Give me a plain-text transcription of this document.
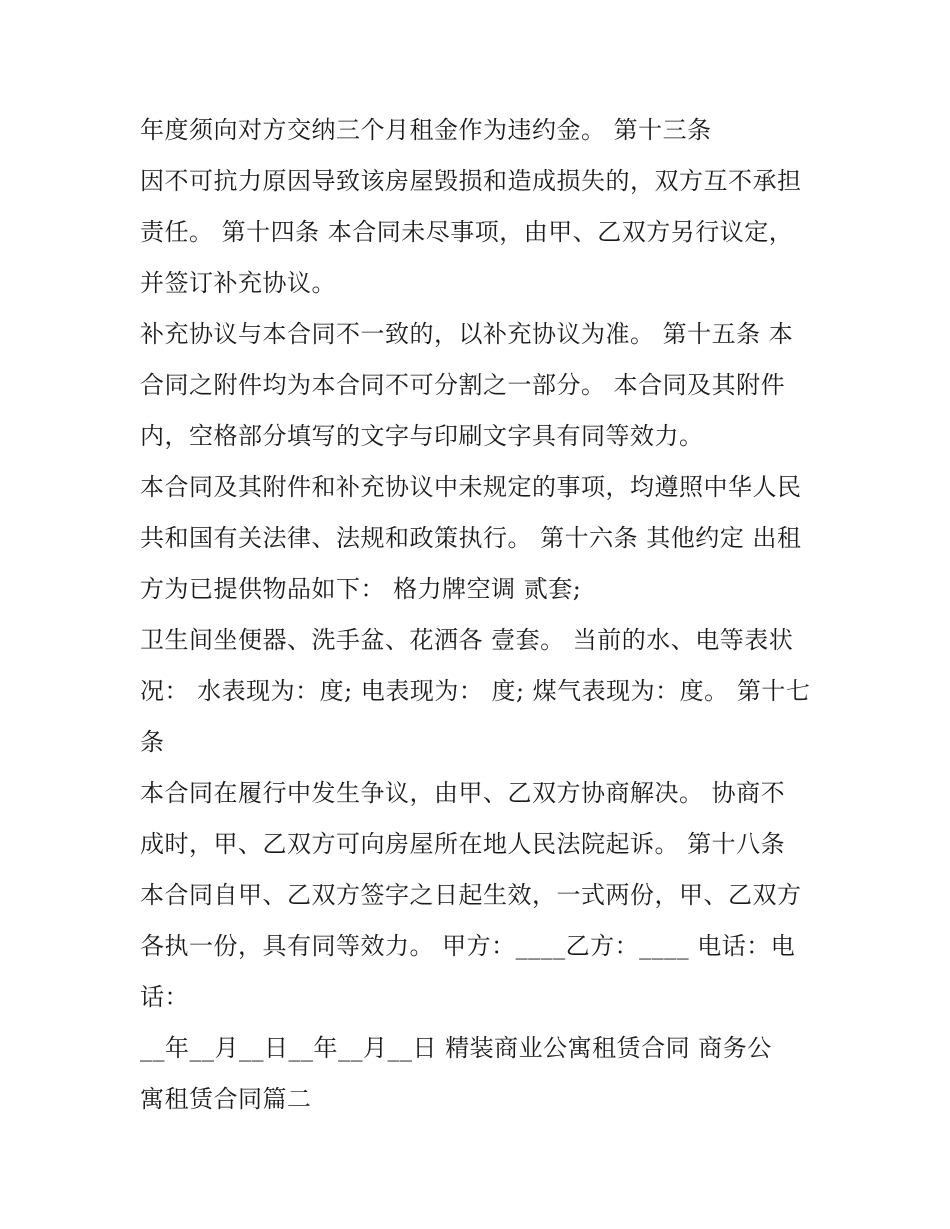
年度须向对方交纳三个月租金作为违约金。 第十三条
因不可抗力原因导致该房屋毁损和造成损失的，双方互不承担
责任。 第十四条 本合同未尽事项，由甲、乙双方另行议定，
并签订补充协议。
补充协议与本合同不一致的，以补充协议为准。 第十五条 本
合同之附件均为本合同不可分割之一部分。 本合同及其附件
内，空格部分填写的文字与印刷文字具有同等效力。
本合同及其附件和补充协议中未规定的事项，均遵照中华人民
共和国有关法律、法规和政策执行。 第十六条 其他约定 出租
方为已提供物品如下： 格力牌空调 贰套;
卫生间坐便器、洗手盆、花洒各 壹套。 当前的水、电等表状
况： 水表现为：度; 电表现为： 度; 煤气表现为：度。 第十七
条
本合同在履行中发生争议，由甲、乙双方协商解决。 协商不
成时，甲、乙双方可向房屋所在地人民法院起诉。 第十八条
本合同自甲、乙双方签字之日起生效，一式两份，甲、乙双方
各执一份，具有同等效力。 甲方：____乙方：____ 电话：电
话：
__年__月__日__年__月__日 精装商业公寓租赁合同 商务公
寓租赁合同篇二
